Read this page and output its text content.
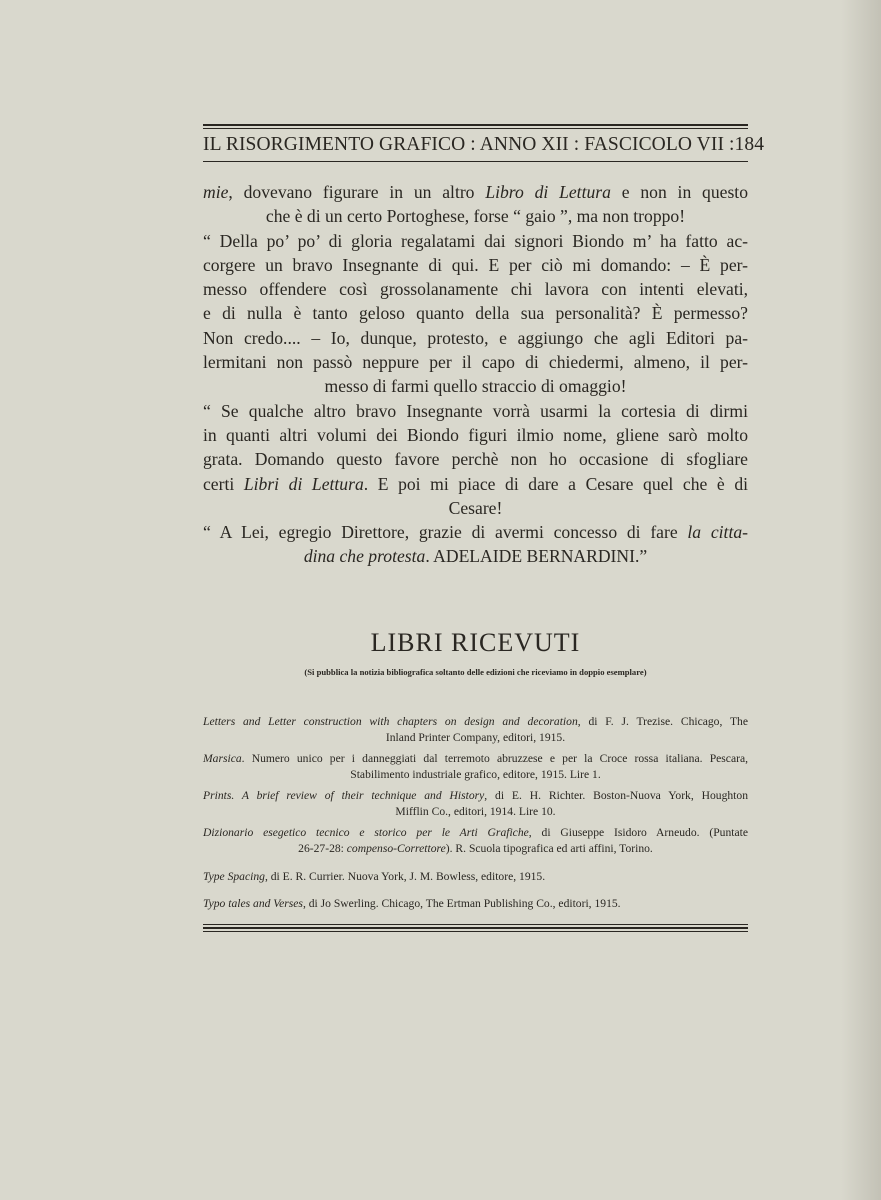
IL RISORGIMENTO GRAFICO : ANNO XII : FASCICOLO VII : 184

mie, dovevano figurare in un altro Libro di Lettura e non in questo

che è di un certo Portoghese, forse “ gaio ”, ma non troppo!

“ Della po’ po’ di gloria regalatami dai signori Biondo m’ ha fatto ac-

corgere un bravo Insegnante di qui. E per ciò mi domando: – È per-

messo offendere così grossolanamente chi lavora con intenti elevati,

e di nulla è tanto geloso quanto della sua personalità? È permesso?

Non credo.... – Io, dunque, protesto, e aggiungo che agli Editori pa-

lermitani non passò neppure per il capo di chiedermi, almeno, il per-

messo di farmi quello straccio di omaggio!

“ Se qualche altro bravo Insegnante vorrà usarmi la cortesia di dirmi

in quanti altri volumi dei Biondo figuri ilmio nome, gliene sarò molto

grata. Domando questo favore perchè non ho occasione di sfogliare

certi Libri di Lettura. E poi mi piace di dare a Cesare quel che è di

Cesare!

“ A Lei, egregio Direttore, grazie di avermi concesso di fare la citta-

dina che protesta. ADELAIDE BERNARDINI.”

LIBRI RICEVUTI
(Si pubblica la notizia bibliografica soltanto delle edizioni che riceviamo in doppio esemplare)

Letters and Letter construction with chapters on design and decoration, di F. J. Trezise. Chicago, The

Inland Printer Company, editori, 1915.

Marsica. Numero unico per i danneggiati dal terremoto abruzzese e per la Croce rossa italiana. Pescara,

Stabilimento industriale grafico, editore, 1915. Lire 1.

Prints. A brief review of their technique and History, di E. H. Richter. Boston-Nuova York, Houghton

Mifflin Co., editori, 1914. Lire 10.

Dizionario esegetico tecnico e storico per le Arti Grafiche, di Giuseppe Isidoro Arneudo. (Puntate

26-27-28: compenso-Correttore). R. Scuola tipografica ed arti affini, Torino.

Type Spacing, di E. R. Currier. Nuova York, J. M. Bowless, editore, 1915.

Typo tales and Verses, di Jo Swerling. Chicago, The Ertman Publishing Co., editori, 1915.
